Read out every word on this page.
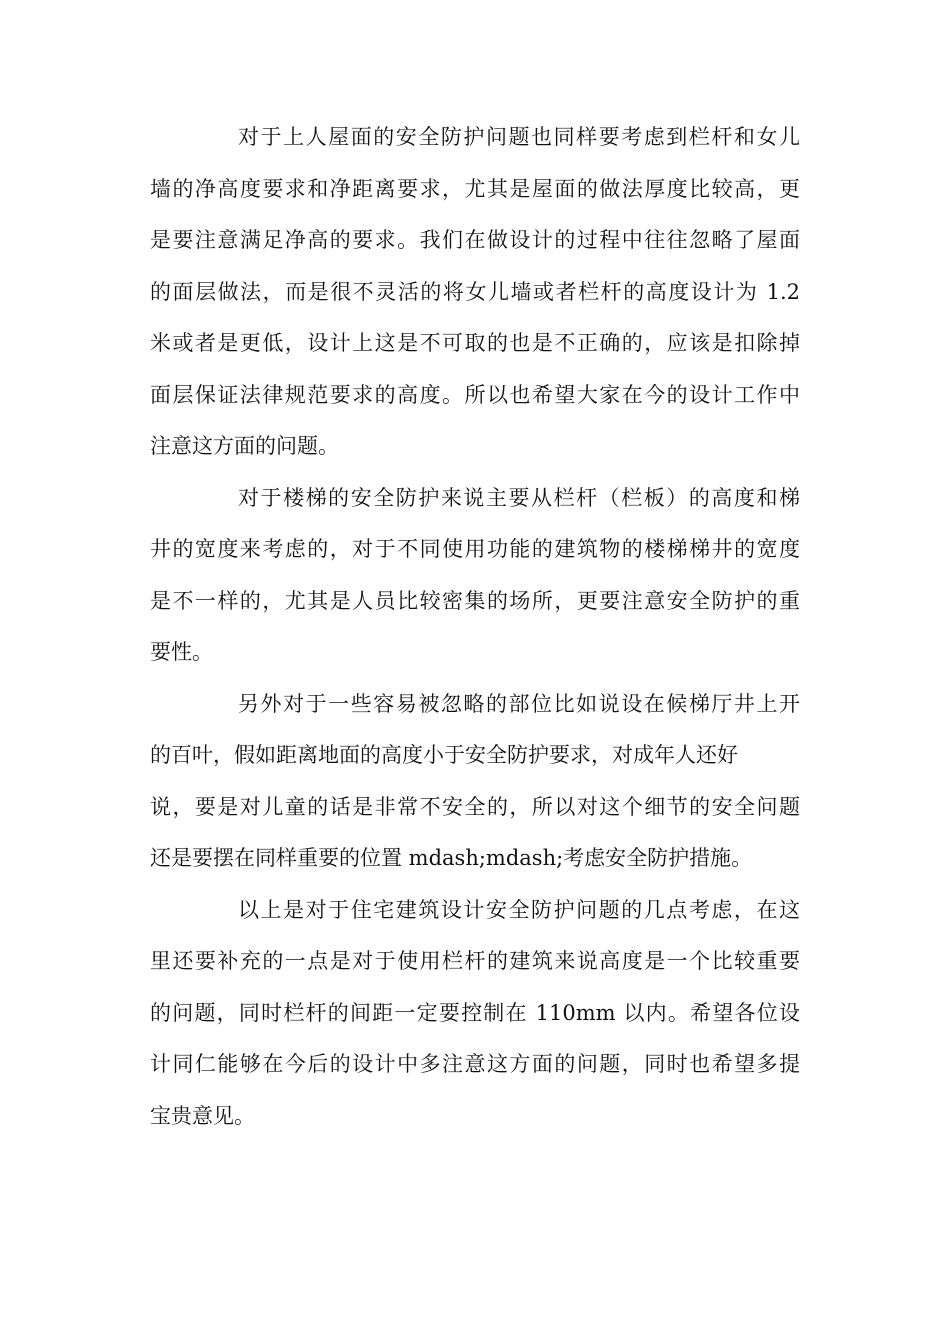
对于上人屋面的安全防护问题也同样要考虑到栏杆和女儿
墙的净高度要求和净距离要求，尤其是屋面的做法厚度比较高，更
是要注意满足净高的要求。我们在做设计的过程中往往忽略了屋面
的面层做法，而是很不灵活的将女儿墙或者栏杆的高度设计为 1.2
米或者是更低，设计上这是不可取的也是不正确的，应该是扣除掉
面层保证法律规范要求的高度。所以也希望大家在今的设计工作中
注意这方面的问题。
对于楼梯的安全防护来说主要从栏杆（栏板）的高度和梯
井的宽度来考虑的，对于不同使用功能的建筑物的楼梯梯井的宽度
是不一样的，尤其是人员比较密集的场所，更要注意安全防护的重
要性。
另外对于一些容易被忽略的部位比如说设在候梯厅井上开
的百叶，假如距离地面的高度小于安全防护要求，对成年人还好
说，要是对儿童的话是非常不安全的，所以对这个细节的安全问题
还是要摆在同样重要的位置 mdash;mdash;考虑安全防护措施。
以上是对于住宅建筑设计安全防护问题的几点考虑，在这
里还要补充的一点是对于使用栏杆的建筑来说高度是一个比较重要
的问题，同时栏杆的间距一定要控制在 110mm 以内。希望各位设
计同仁能够在今后的设计中多注意这方面的问题，同时也希望多提
宝贵意见。
